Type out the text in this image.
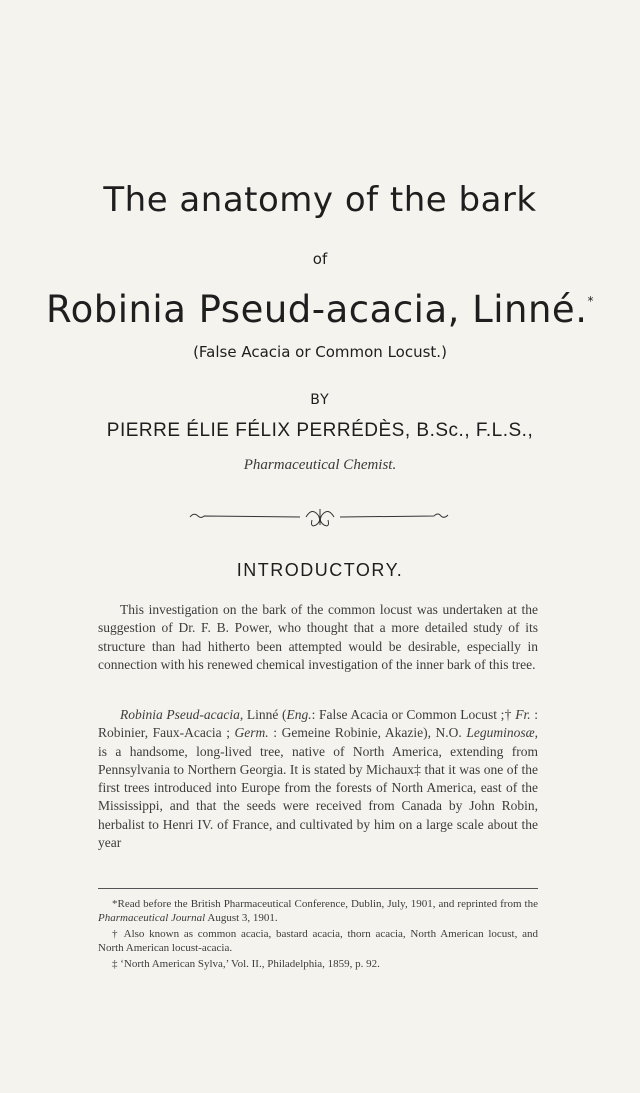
The anatomy of the bark
of
Robinia Pseud-acacia, Linné.*
(False Acacia or Common Locust.)
BY
PIERRE ÉLIE FÉLIX PERRÉDÈS, B.Sc., F.L.S.,
Pharmaceutical Chemist.
INTRODUCTORY.

This investigation on the bark of the common locust was undertaken at the suggestion of Dr. F. B. Power, who thought that a more detailed study of its structure than had hitherto been attempted would be desirable, especially in connection with his renewed chemical investigation of the inner bark of this tree.

Robinia Pseud-acacia, Linné (Eng.: False Acacia or Common Locust ;† Fr. : Robinier, Faux-Acacia ; Germ. : Gemeine Robinie, Akazie), N.O. Leguminosæ, is a handsome, long-lived tree, native of North America, extending from Pennsylvania to Northern Georgia. It is stated by Michaux‡ that it was one of the first trees introduced into Europe from the forests of North America, east of the Mississippi, and that the seeds were received from Canada by John Robin, herbalist to Henri IV. of France, and cultivated by him on a large scale about the year

*Read before the British Pharmaceutical Conference, Dublin, July, 1901, and reprinted from the Pharmaceutical Journal August 3, 1901.

† Also known as common acacia, bastard acacia, thorn acacia, North American locust, and North American locust-acacia.

‡ ‘North American Sylva,’ Vol. II., Philadelphia, 1859, p. 92.
